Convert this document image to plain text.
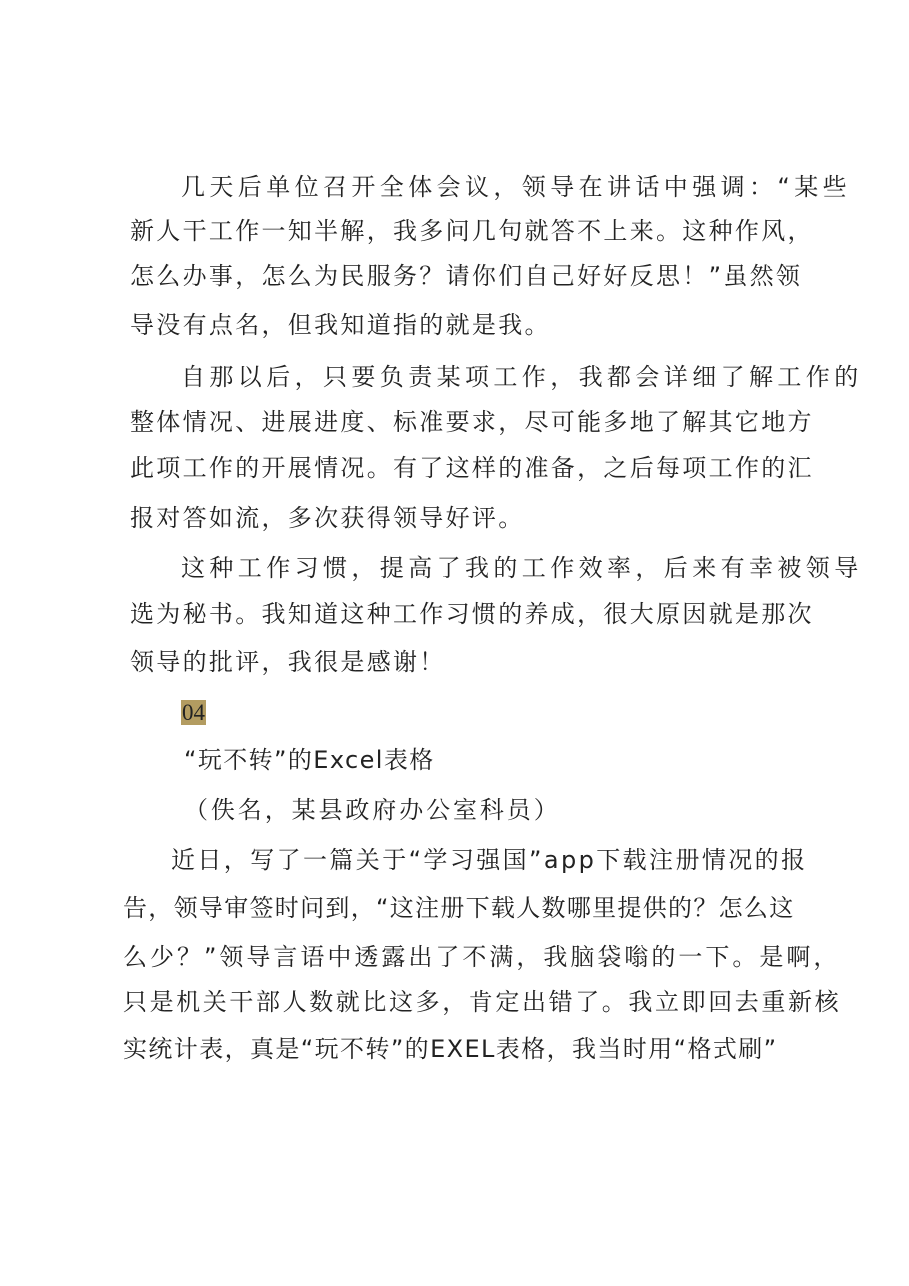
几天后单位召开全体会议，领导在讲话中强调：“某些
新人干工作一知半解，我多问几句就答不上来。这种作风，
怎么办事，怎么为民服务？请你们自己好好反思！”虽然领
导没有点名，但我知道指的就是我。
自那以后，只要负责某项工作，我都会详细了解工作的
整体情况、进展进度、标准要求，尽可能多地了解其它地方
此项工作的开展情况。有了这样的准备，之后每项工作的汇
报对答如流，多次获得领导好评。
这种工作习惯，提高了我的工作效率，后来有幸被领导
选为秘书。我知道这种工作习惯的养成，很大原因就是那次
领导的批评，我很是感谢！
04
“玩不转”的Excel表格
（佚名，某县政府办公室科员）
近日，写了一篇关于“学习强国”app下载注册情况的报
告，领导审签时问到，“这注册下载人数哪里提供的？怎么这
么少？”领导言语中透露出了不满，我脑袋嗡的一下。是啊，
只是机关干部人数就比这多，肯定出错了。我立即回去重新核
实统计表，真是“玩不转”的EXEL表格，我当时用“格式刷”
